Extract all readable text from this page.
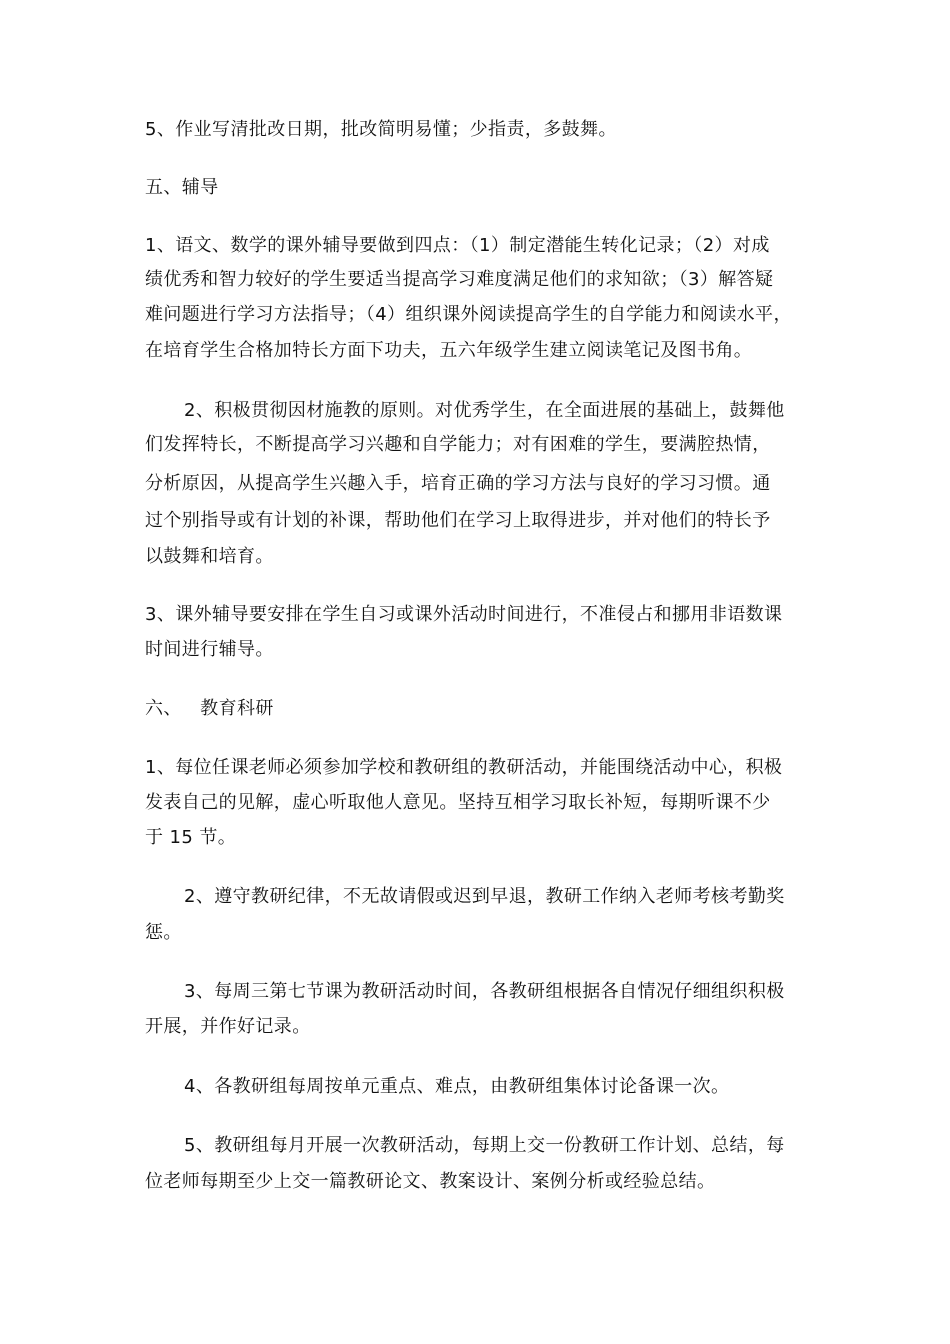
5、作业写清批改日期，批改简明易懂；少指责，多鼓舞。
五、辅导
1、语文、数学的课外辅导要做到四点：（1）制定潜能生转化记录；（2）对成
绩优秀和智力较好的学生要适当提高学习难度满足他们的求知欲；（3）解答疑
难问题进行学习方法指导；（4）组织课外阅读提高学生的自学能力和阅读水平，
在培育学生合格加特长方面下功夫，五六年级学生建立阅读笔记及图书角。
2、积极贯彻因材施教的原则。对优秀学生，在全面进展的基础上，鼓舞他
们发挥特长，不断提高学习兴趣和自学能力；对有困难的学生，要满腔热情，
分析原因，从提高学生兴趣入手，培育正确的学习方法与良好的学习习惯。通
过个别指导或有计划的补课，帮助他们在学习上取得进步，并对他们的特长予
以鼓舞和培育。
3、课外辅导要安排在学生自习或课外活动时间进行，不准侵占和挪用非语数课
时间进行辅导。
六、   教育科研
1、每位任课老师必须参加学校和教研组的教研活动，并能围绕活动中心，积极
发表自己的见解，虚心听取他人意见。坚持互相学习取长补短，每期听课不少
于 15 节。
2、遵守教研纪律，不无故请假或迟到早退，教研工作纳入老师考核考勤奖
惩。
3、每周三第七节课为教研活动时间，各教研组根据各自情况仔细组织积极
开展，并作好记录。
4、各教研组每周按单元重点、难点，由教研组集体讨论备课一次。
5、教研组每月开展一次教研活动，每期上交一份教研工作计划、总结，每
位老师每期至少上交一篇教研论文、教案设计、案例分析或经验总结。
